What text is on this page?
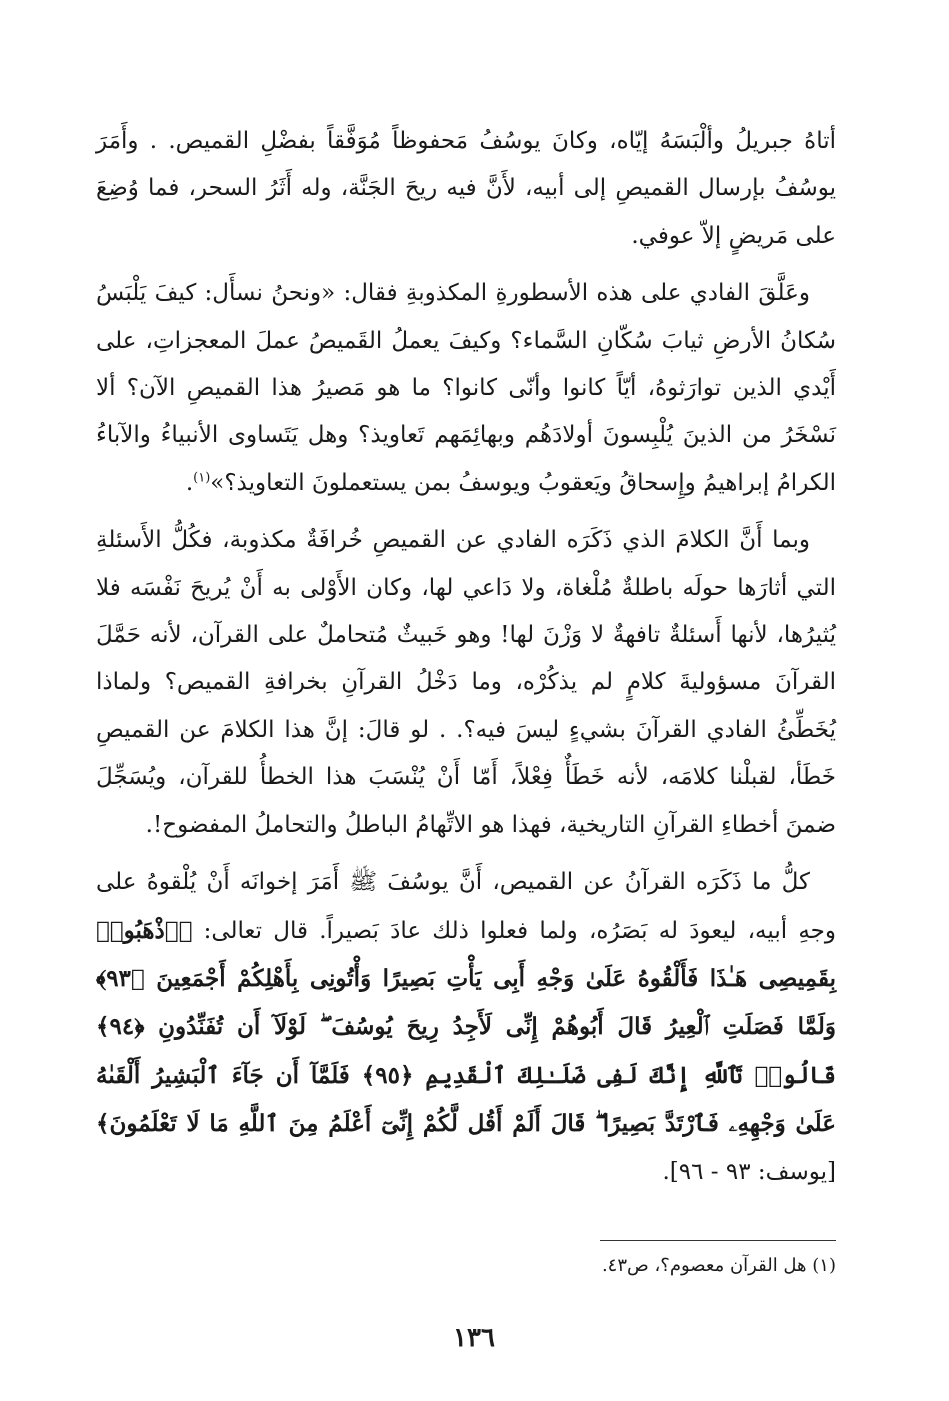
أتاهُ جبريلُ وألْبَسَهُ إيّاه، وكانَ يوسُفُ مَحفوظاً مُوَفَّقاً بفضْلِ القميص. . وأَمَرَ يوسُفُ بإرسال القميصِ إلى أبيه، لأَنَّ فيه ريحَ الجَنَّة، وله أَثَرُ السحر، فما وُضِعَ على مَريضٍ إلاّ عوفي.

وعَلَّقَ الفادي على هذه الأسطورةِ المكذوبةِ فقال: «ونحنُ نسأَل: كيفَ يَلْبَسُ سُكانُ الأرضِ ثيابَ سُكّانِ السَّماء؟ وكيفَ يعملُ القَميصُ عملَ المعجزاتِ، على أَيْدي الذين توارَثوهُ، أيّاً كانوا وأنّى كانوا؟ ما هو مَصيرُ هذا القميصِ الآن؟ ألا نَسْخَرُ من الذينَ يُلْبِسونَ أولادَهُم وبهائِمَهم تَعاويذ؟ وهل يَتَساوى الأنبياءُ والآباءُ الكرامُ إبراهيمُ وإِسحاقُ ويَعقوبُ ويوسفُ بمن يستعملونَ التعاويذ؟»$^{(١)}$.

وبما أَنَّ الكلامَ الذي ذَكَرَه الفادي عن القميصِ خُرافَةٌ مكذوبة، فكُلُّ الأَسئلةِ التي أثارَها حولَه باطلةٌ مُلْغاة، ولا دَاعي لها، وكان الأَوْلى به أَنْ يُريحَ نَفْسَه فلا يُثيرُها، لأنها أَسئلةٌ تافهةٌ لا وَزْنَ لها! وهو خَبيثٌ مُتحاملٌ على القرآن، لأنه حَمَّلَ القرآنَ مسؤوليةَ كلامٍ لم يذكُرْه، وما دَخْلُ القرآنِ بخرافةِ القميص؟ ولماذا يُخَطِّئُ الفادي القرآنَ بشيءٍ ليسَ فيه؟. . لو قالَ: إنَّ هذا الكلامَ عن القميصِ خَطَأ، لقبلْنا كلامَه، لأنه خَطَأٌ فِعْلاً، أَمّا أَنْ يُنْسَبَ هذا الخطأُ للقرآن، ويُسَجِّلَ ضمنَ أخطاءِ القرآنِ التاريخية، فهذا هو الاتِّهامُ الباطلُ والتحاملُ المفضوح!.

كلُّ ما ذَكَرَه القرآنُ عن القميص، أَنَّ يوسُفَ ﷺ أَمَرَ إخوانَه أَنْ يُلْقوهُ على وجهِ أبيه، ليعودَ له بَصَرُه، ولما فعلوا ذلك عادَ بَصيراً. قال تعالى: ﴿ٱذْهَبُوا۟ بِقَمِيصِى هَـٰذَا فَأَلْقُوهُ عَلَىٰ وَجْهِ أَبِى يَأْتِ بَصِيرًا وَأْتُونِى بِأَهْلِكُمْ أَجْمَعِينَ ﴿٩٣﴾ وَلَمَّا فَصَلَتِ ٱلْعِيرُ قَالَ أَبُوهُمْ إِنِّى لَأَجِدُ رِيحَ يُوسُفَ ۖ لَوْلَآ أَن تُفَنِّدُونِ ﴿٩٤﴾ قَالُوا۟ تَٱللَّهِ إِنَّكَ لَفِى ضَلَـٰلِكَ ٱلْقَدِيمِ ﴿٩٥﴾ فَلَمَّآ أَن جَآءَ ٱلْبَشِيرُ أَلْقَىٰهُ عَلَىٰ وَجْهِهِۦ فَٱرْتَدَّ بَصِيرًا ۖ قَالَ أَلَمْ أَقُل لَّكُمْ إِنِّىٓ أَعْلَمُ مِنَ ٱللَّهِ مَا لَا تَعْلَمُونَ﴾ [يوسف: ٩٣ - ٩٦].

(١) هل القرآن معصوم؟، ص٤٣.
١٣٦
